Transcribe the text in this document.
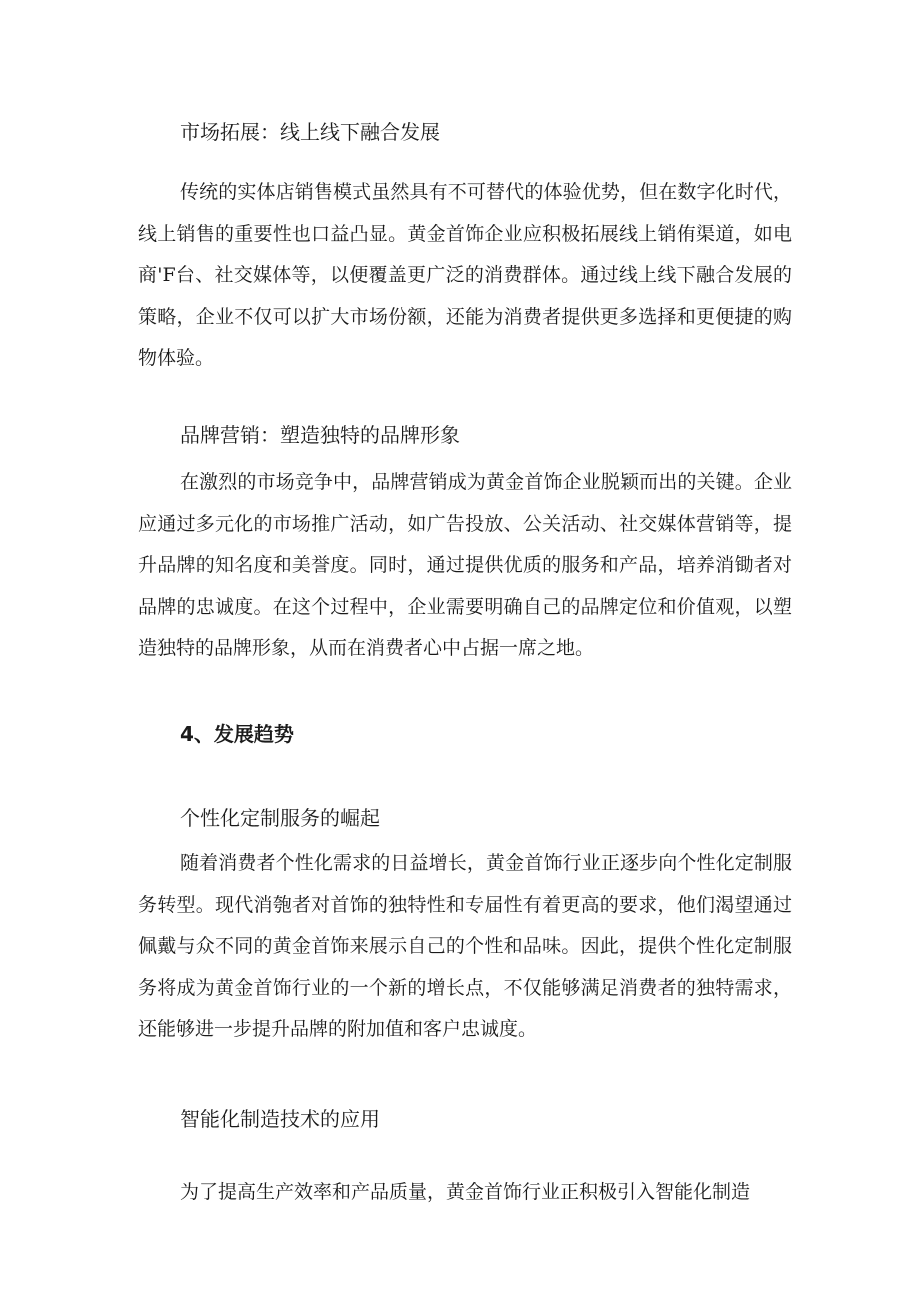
市场拓展：线上线下融合发展

传统的实体店销售模式虽然具有不可替代的体验优势，但在数字化时代，线上销售的重要性也口益凸显。黄金首饰企业应积极拓展线上销侑渠道，如电商'F台、社交媒体等，以便覆盖更广泛的消费群体。通过线上线下融合发展的策略，企业不仅可以扩大市场份额，还能为消费者提供更多选择和更便捷的购物体验。

品牌营销：塑造独特的品牌形象

在激烈的市场竞争中，品牌营销成为黄金首饰企业脱颖而出的关键。企业应通过多元化的市场推广活动，如广告投放、公关活动、社交媒体营销等，提升品牌的知名度和美誉度。同时，通过提供优质的服务和产品，培养消锄者对品牌的忠诚度。在这个过程中，企业需要明确自己的品牌定位和价值观，以塑造独特的品牌形象，从而在消费者心中占据一席之地。

4、发展趋势
个性化定制服务的崛起

随着消费者个性化需求的日益增长，黄金首饰行业正逐步向个性化定制服务转型。现代消匏者对首饰的独特性和专届性有着更高的要求，他们渴望通过佩戴与众不同的黄金首饰来展示自己的个性和品味。因此，提供个性化定制服务将成为黄金首饰行业的一个新的增长点，不仅能够满足消费者的独特需求，还能够进一步提升品牌的附加值和客户忠诚度。

智能化制造技术的应用

为了提高生产效率和产品质量，黄金首饰行业正积极引入智能化制造
